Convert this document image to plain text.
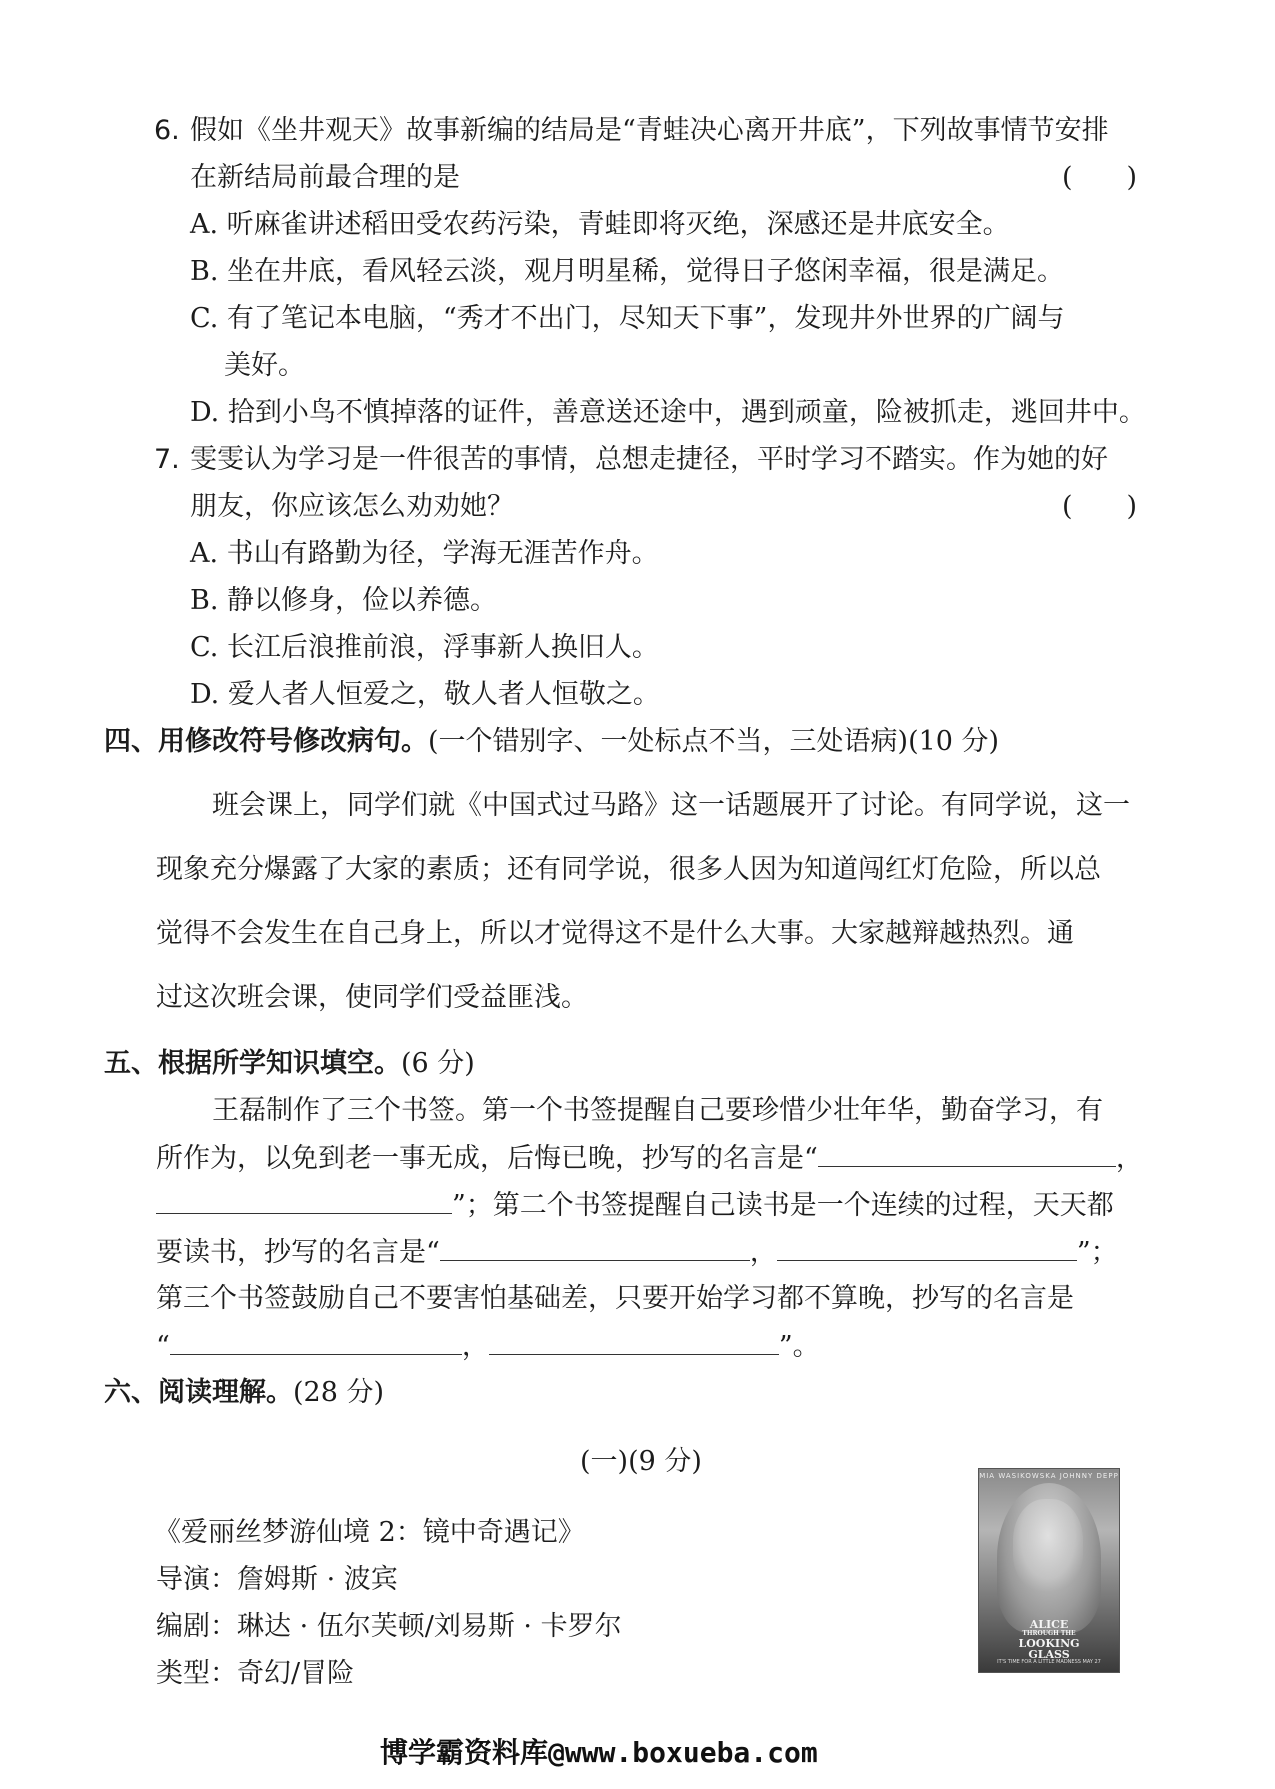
6. 假如《坐井观天》故事新编的结局是“青蛙决心离开井底”，下列故事情节安排
在新结局前最合理的是	(　　)
A. 听麻雀讲述稻田受农药污染，青蛙即将灭绝，深感还是井底安全。
B. 坐在井底，看风轻云淡，观月明星稀，觉得日子悠闲幸福，很是满足。
C. 有了笔记本电脑，“秀才不出门，尽知天下事”，发现井外世界的广阔与
美好。
D. 拾到小鸟不慎掉落的证件，善意送还途中，遇到顽童，险被抓走，逃回井中。
7. 雯雯认为学习是一件很苦的事情，总想走捷径，平时学习不踏实。作为她的好
朋友，你应该怎么劝劝她？	(　　)
A. 书山有路勤为径，学海无涯苦作舟。
B. 静以修身，俭以养德。
C. 长江后浪推前浪，浮事新人换旧人。
D. 爱人者人恒爱之，敬人者人恒敬之。
四、用修改符号修改病句。(一个错别字、一处标点不当，三处语病)(10 分)
班会课上，同学们就《中国式过马路》这一话题展开了讨论。有同学说，这一
现象充分爆露了大家的素质；还有同学说，很多人因为知道闯红灯危险，所以总
觉得不会发生在自己身上，所以才觉得这不是什么大事。大家越辩越热烈。通
过这次班会课，使同学们受益匪浅。
五、根据所学知识填空。(6 分)
王磊制作了三个书签。第一个书签提醒自己要珍惜少壮年华，勤奋学习，有
所作为，以免到老一事无成，后悔已晚，抄写的名言是“	，
”；第二个书签提醒自己读书是一个连续的过程，天天都
要读书，抄写的名言是“	，	”；
第三个书签鼓励自己不要害怕基础差，只要开始学习都不算晚，抄写的名言是
“	，	”。
六、阅读理解。(28 分)
(一)(9 分)
《爱丽丝梦游仙境 2：镜中奇遇记》
导演：詹姆斯 · 波宾
编剧：琳达 · 伍尔芙顿/刘易斯 · 卡罗尔
类型：奇幻/冒险
MIA WASIKOWSKA JOHNNY DEPP
ALICE
THROUGH THE
LOOKING
GLASS
IT'S TIME FOR A LITTLE MADNESS MAY 27
博学霸资料库@www.boxueba.com
